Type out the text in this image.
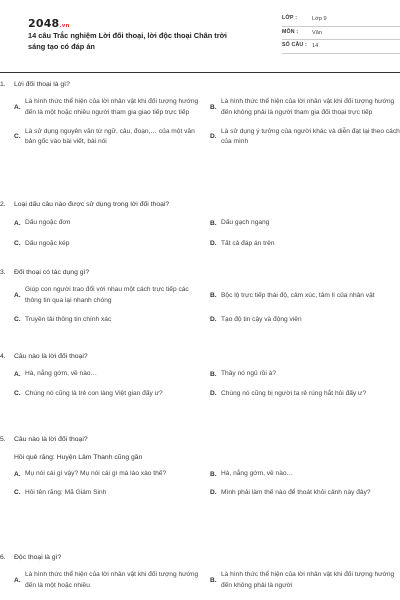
2048.vn
14 câu Trắc nghiệm Lời đối thoại, lời độc thoại Chân trời sáng tạo có đáp án
LỚP :	Lớp 9
MÔN :	Văn
SỐ CÂU : 14
1.	Lời đối thoại là gì?
A.
Là hình thức thể hiện của lời nhân vật khi đối tượng hướng đến là một hoặc nhiều người tham gia giao tiếp trực tiếp
B.
Là hình thức thể hiện của lời nhân vật khi đối tượng hướng đến không phải là người tham gia đối thoại trực tiếp
C.
Là sử dụng nguyên văn từ ngữ, câu, đoạn,… của một văn bản gốc vào bài viết, bài nói
D.
Là sử dụng ý tưởng của người khác và diễn đạt lại theo cách của mình
2.	Loại dấu câu nào được sử dụng trong lời đối thoại?
A. Dấu ngoặc đơn	B. Dấu gạch ngang
C. Dấu ngoặc kép	D. Tất cả đáp án trên
3.	Đối thoại có tác dụng gì?
A.
Giúp con người trao đổi với nhau một cách trực tiếp các thông tin qua lại nhanh chóng
B. Bộc lộ trực tiếp thái độ, cảm xúc, tâm lí của nhân vật
C. Truyền tải thông tin chính xác	D. Tạo độ tin cậy và động viên
4.	Câu nào là lời đối thoại?
A. Hà, nắng gớm, về nào…	B. Thầy nó ngủ rồi à?
C. Chúng nó cũng là trẻ con làng Việt gian đấy ư?	D. Chúng nó cũng bị người ta rẻ rúng hắt hủi đấy ư?
5.	Câu nào là lời đối thoại?
Hồi quê răng: Huyện Lâm Thanh cũng gần
A. Mụ nói cái gì vậy? Mụ nói cái gì mà lào xào thế?	B. Hà, nắng gớm, về nào…
C. Hỏi tên răng: Mã Giám Sinh	D. Mình phải làm thế nào để thoát khỏi cảnh này đây?
6.	Độc thoại là gì?
A.
Là hình thức thể hiện của lời nhân vật khi đối tượng hướng đến là một hoặc nhiều
B.
Là hình thức thể hiện của lời nhân vật khi đối tượng hướng đến không phải là người
